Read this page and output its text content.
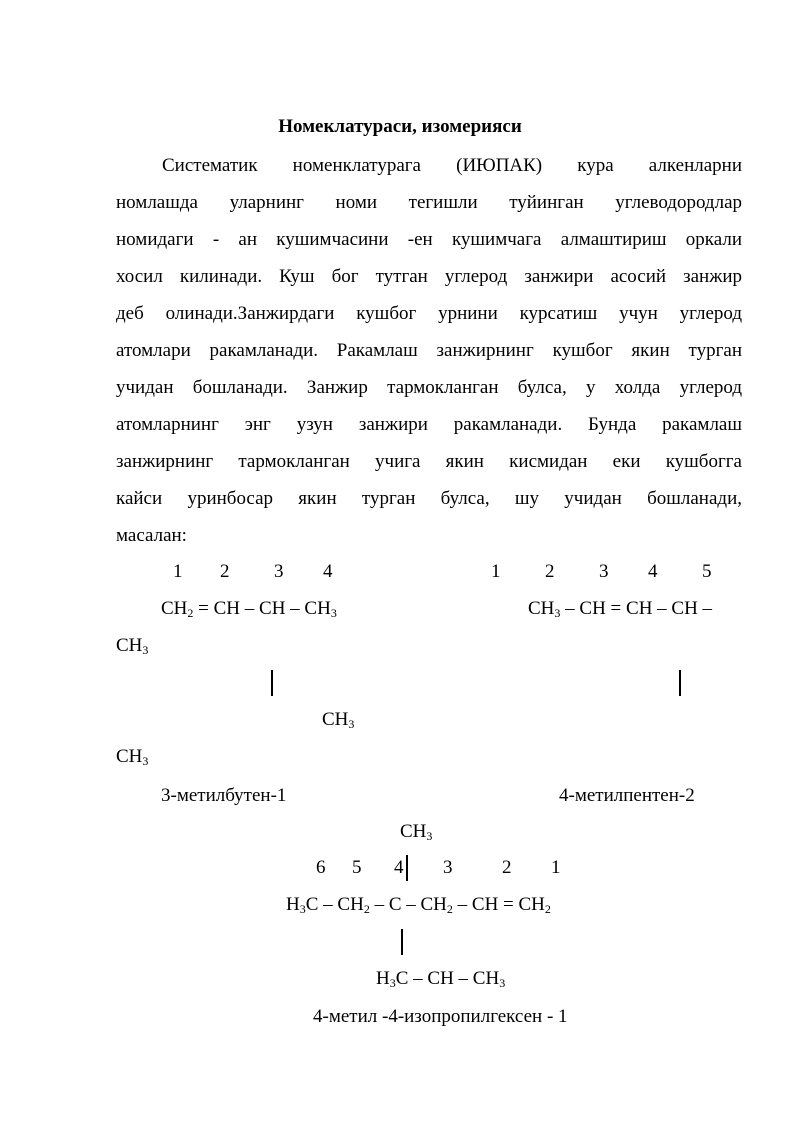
Номеклатураси, изомерияси
Систематик номенклатурага (ИЮПАК) кура алкенларни
номлашда уларнинг номи тегишли туйинган углеводородлар
номидаги - ан кушимчасини -ен кушимчага алмаштириш оркали
хосил килинади. Куш бог тутган углерод занжири асосий занжир
деб олинади.Занжирдаги кушбог урнини курсатиш учун углерод
атомлари ракамланади. Ракамлаш занжирнинг кушбог якин турган
учидан бошланади. Занжир тармокланган булса, у холда углерод
атомларнинг энг узун занжири ракамланади. Бунда ракамлаш
занжирнинг тармокланган учига якин кисмидан еки кушбогга
кайси уринбосар якин турган булса, шу учидан бошланади,
масалан:
1 2 3 4
$CH_2$ = CH – CH – $CH_3$
$CH_3$
3-метилбутен-1
1 2 3 4 5
$CH_3$ – CH = CH – CH –
$CH_3$
$CH_3$
4-метилпентен-2
$CH_3$
6 5 4 3	2 1
$H_3C - CH_2$ – C – $CH_2$ – CH = $CH_2$
$H_3C$ – CH – $CH_3$
4-метил -4-изопропилгексен - 1
